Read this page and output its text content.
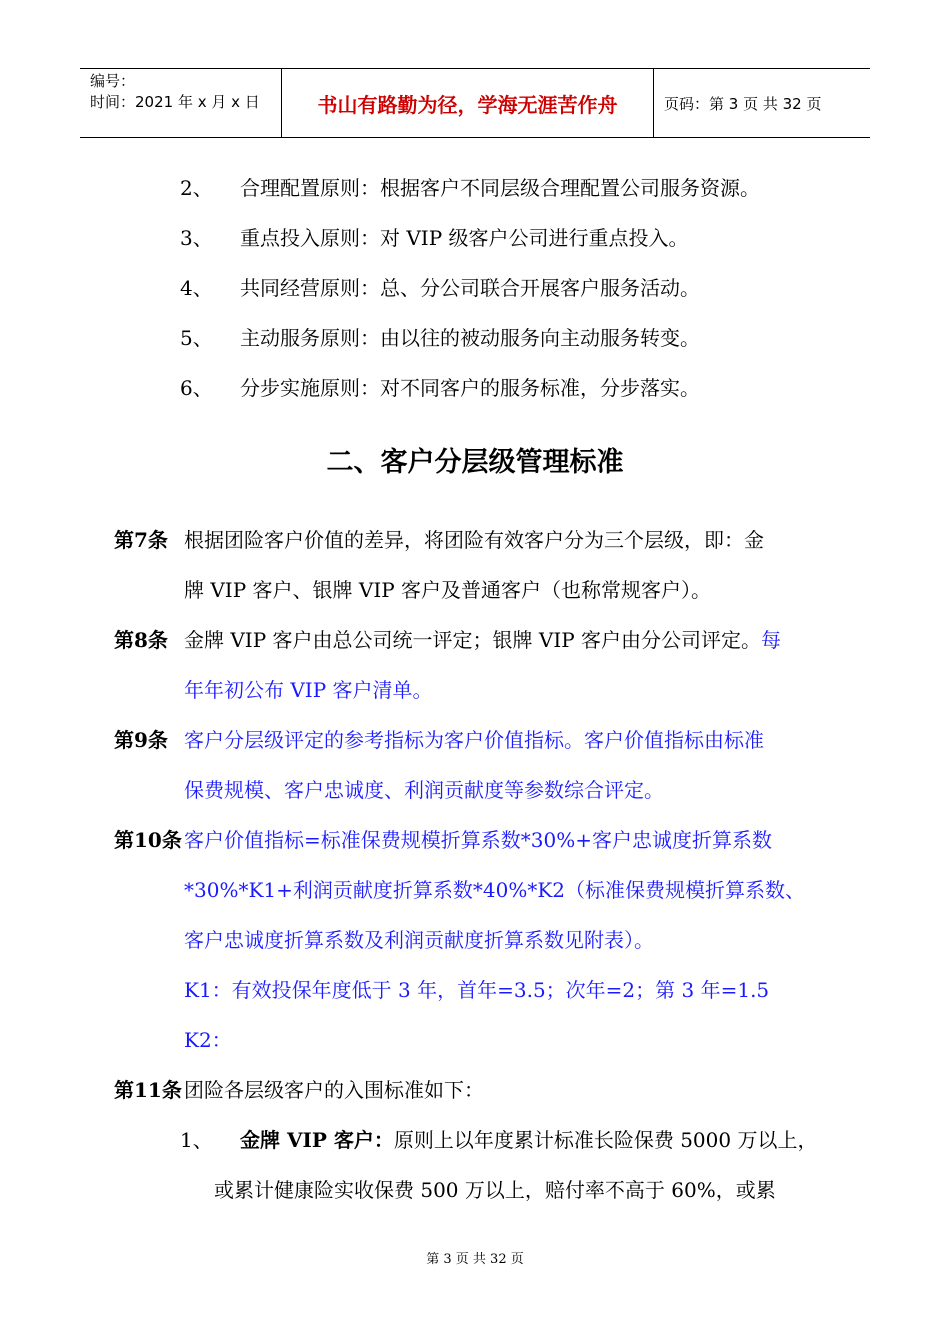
编号：
时间：2021 年 x 月 x 日	书山有路勤为径，学海无涯苦作舟	页码：第 3 页 共 32 页
2、 合理配置原则：根据客户不同层级合理配置公司服务资源。
3、 重点投入原则：对 VIP 级客户公司进行重点投入。
4、 共同经营原则：总、分公司联合开展客户服务活动。
5、 主动服务原则：由以往的被动服务向主动服务转变。
6、 分步实施原则：对不同客户的服务标准，分步落实。
二、客户分层级管理标准
第7条 根据团险客户价值的差异，将团险有效客户分为三个层级，即：金
牌 VIP 客户、银牌 VIP 客户及普通客户（也称常规客户）。
第8条 金牌 VIP 客户由总公司统一评定；银牌 VIP 客户由分公司评定。每
年年初公布 VIP 客户清单。
第9条 客户分层级评定的参考指标为客户价值指标。客户价值指标由标准
保费规模、客户忠诚度、利润贡献度等参数综合评定。
第10条 客户价值指标=标准保费规模折算系数*30%+客户忠诚度折算系数
*30%*K1+利润贡献度折算系数*40%*K2（标准保费规模折算系数、
客户忠诚度折算系数及利润贡献度折算系数见附表）。
K1：有效投保年度低于 3 年，首年=3.5；次年=2；第 3 年=1.5
K2：
第11条 团险各层级客户的入围标准如下：
1、 金牌 VIP 客户：原则上以年度累计标准长险保费 5000 万以上，
或累计健康险实收保费 500 万以上，赔付率不高于 60%，或累
第 3 页 共 32 页
